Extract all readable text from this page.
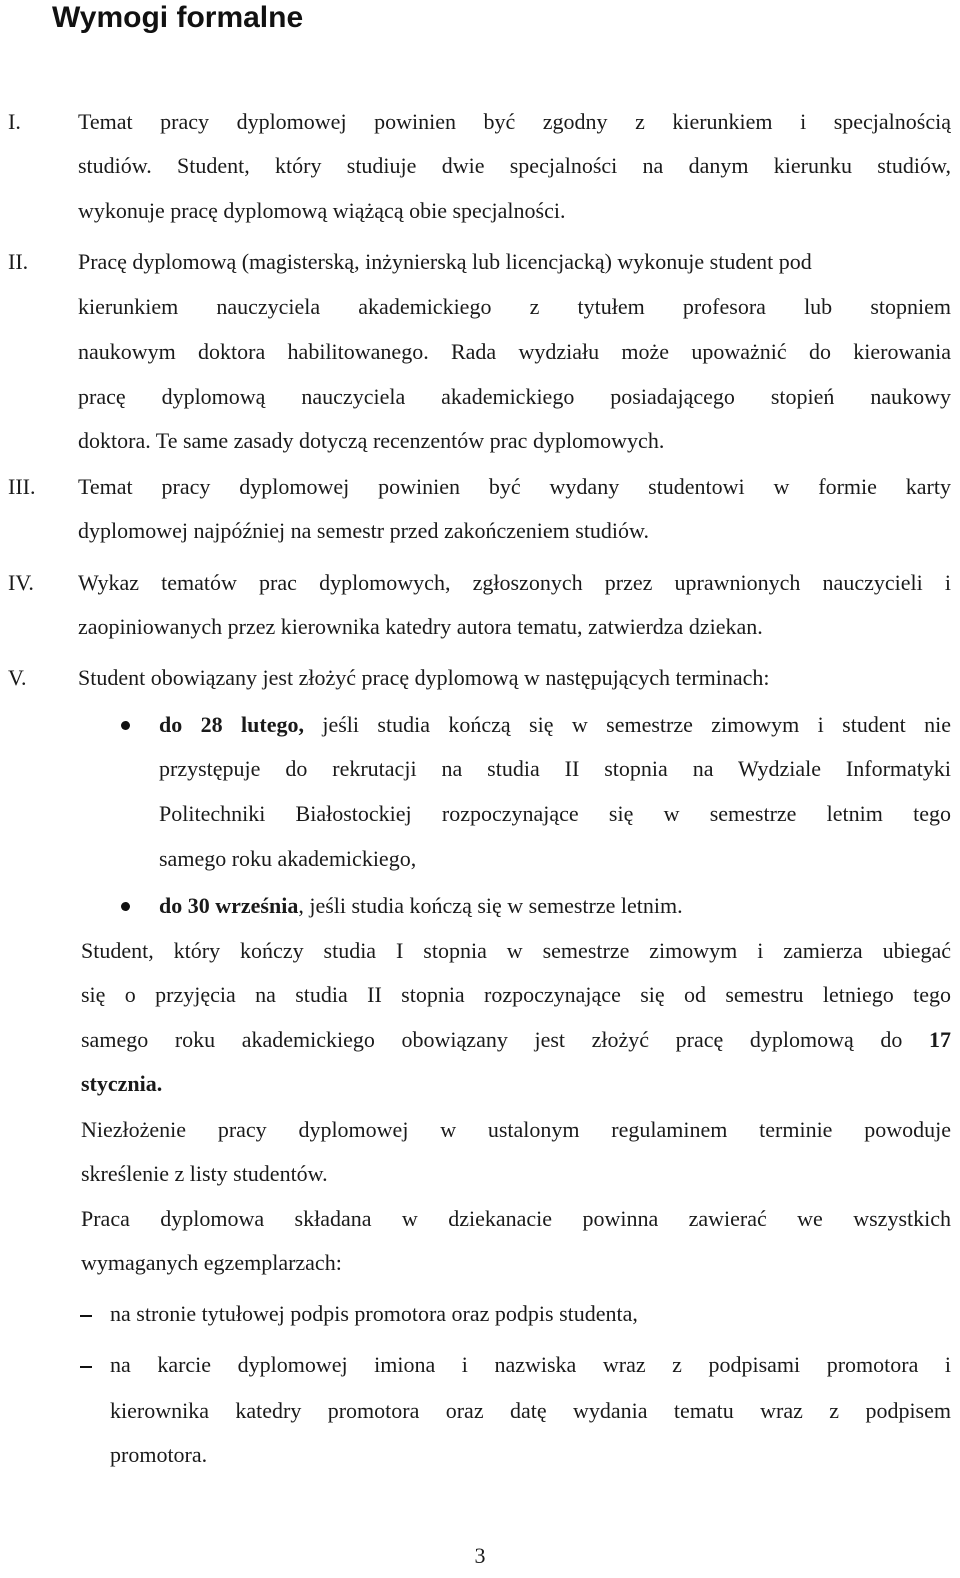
Wymogi formalne
I.	Temat pracy dyplomowej powinien być zgodny z kierunkiem i specjalnością
studiów. Student, który studiuje dwie specjalności na danym kierunku studiów,
wykonuje pracę dyplomową wiążącą obie specjalności.
II. Pracę dyplomową (magisterską, inżynierską lub licencjacką) wykonuje student pod
kierunkiem nauczyciela akademickiego z tytułem profesora lub stopniem
naukowym doktora habilitowanego. Rada wydziału może upoważnić do kierowania
pracę dyplomową nauczyciela akademickiego posiadającego stopień naukowy
doktora. Te same zasady dotyczą recenzentów prac dyplomowych.
III. Temat pracy dyplomowej powinien być wydany studentowi w formie karty
dyplomowej najpóźniej na semestr przed zakończeniem studiów.
IV. Wykaz tematów prac dyplomowych, zgłoszonych przez uprawnionych nauczycieli i
zaopiniowanych przez kierownika katedry autora tematu, zatwierdza dziekan.
V. Student obowiązany jest złożyć pracę dyplomową w następujących terminach:
do 28 lutego, jeśli studia kończą się w semestrze zimowym i student nie
przystępuje do rekrutacji na studia II stopnia na Wydziale Informatyki
Politechniki Białostockiej rozpoczynające się w semestrze letnim tego
samego roku akademickiego,
do 30 września, jeśli studia kończą się w semestrze letnim.
Student, który kończy studia I stopnia w semestrze zimowym i zamierza ubiegać
się o przyjęcia na studia II stopnia rozpoczynające się od semestru letniego tego
samego roku akademickiego obowiązany jest złożyć pracę dyplomową do 17
stycznia.
Niezłożenie pracy dyplomowej w ustalonym regulaminem terminie powoduje
skreślenie z listy studentów.
Praca dyplomowa składana w dziekanacie powinna zawierać we wszystkich
wymaganych egzemplarzach:
na stronie tytułowej podpis promotora oraz podpis studenta,
na karcie dyplomowej imiona i nazwiska wraz z podpisami promotora i
kierownika katedry promotora oraz datę wydania tematu wraz z podpisem
promotora.
3
